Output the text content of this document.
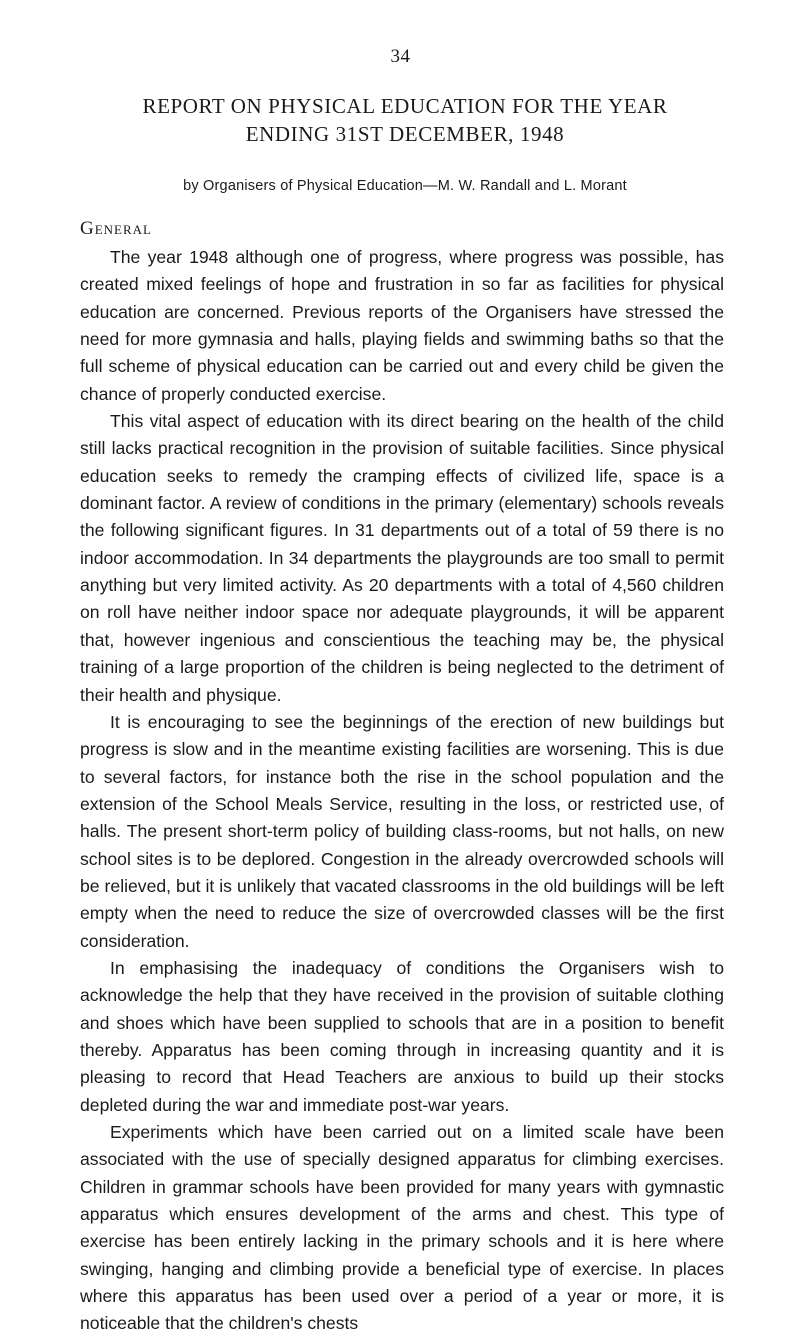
34
REPORT ON PHYSICAL EDUCATION FOR THE YEAR
ENDING 31ST DECEMBER, 1948
by Organisers of Physical Education—M. W. Randall and L. Morant
General

The year 1948 although one of progress, where progress was possible, has created mixed feelings of hope and frustration in so far as facilities for physical education are concerned. Previous reports of the Organisers have stressed the need for more gymnasia and halls, playing fields and swimming baths so that the full scheme of physical education can be carried out and every child be given the chance of properly conducted exercise.

This vital aspect of education with its direct bearing on the health of the child still lacks practical recognition in the provision of suitable facilities. Since physical education seeks to remedy the cramping effects of civilized life, space is a dominant factor. A review of conditions in the primary (elementary) schools reveals the following significant figures. In 31 departments out of a total of 59 there is no indoor accommodation. In 34 departments the playgrounds are too small to permit anything but very limited activity. As 20 departments with a total of 4,560 children on roll have neither indoor space nor adequate playgrounds, it will be apparent that, however ingenious and conscientious the teaching may be, the physical training of a large proportion of the children is being neglected to the detriment of their health and physique.

It is encouraging to see the beginnings of the erection of new buildings but progress is slow and in the meantime existing facilities are worsening. This is due to several factors, for instance both the rise in the school population and the extension of the School Meals Service, resulting in the loss, or restricted use, of halls. The present short-term policy of building class-rooms, but not halls, on new school sites is to be deplored. Congestion in the already overcrowded schools will be relieved, but it is unlikely that vacated classrooms in the old buildings will be left empty when the need to reduce the size of overcrowded classes will be the first consideration.

In emphasising the inadequacy of conditions the Organisers wish to acknowledge the help that they have received in the provision of suitable clothing and shoes which have been supplied to schools that are in a position to benefit thereby. Apparatus has been coming through in increasing quantity and it is pleasing to record that Head Teachers are anxious to build up their stocks depleted during the war and immediate post-war years.

Experiments which have been carried out on a limited scale have been associated with the use of specially designed apparatus for climbing exercises. Children in grammar schools have been provided for many years with gymnastic apparatus which ensures development of the arms and chest. This type of exercise has been entirely lacking in the primary schools and it is here where swinging, hanging and climbing provide a beneficial type of exercise. In places where this apparatus has been used over a period of a year or more, it is noticeable that the children's chests
